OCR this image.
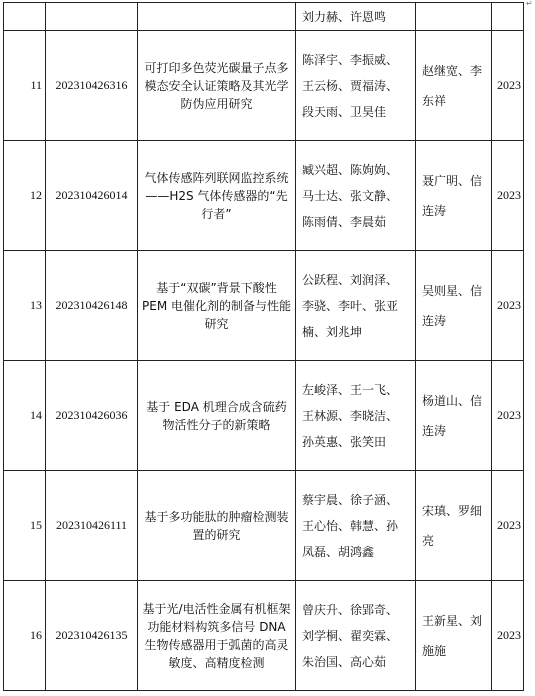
↵

			刘力赫、许恩鸣		

11	202310426316	可打印多色荧光碳量子点多模态安全认证策略及其光学防伪应用研究	陈泽宇、李振威、
王云杨、贾福涛、
段天雨、卫昊佳	赵继宽、李东祥	2023
12	202310426014	气体传感阵列联网监控系统——H2S 气体传感器的“先行者”	臧兴超、陈姁姁、
马士达、张文静、
陈雨倩、李晨茹	聂广明、信连涛	2023
13	202310426148	基于“双碳”背景下酸性 PEM 电催化剂的制备与性能研究	公跃程、刘润泽、
李骁、李叶、张亚
楠、刘兆坤	吴则星、信连涛	2023
14	202310426036	基于 EDA 机理合成含硫药物活性分子的新策略	左峻泽、王一飞、
王林源、李晓洁、
孙英惠、张笑田	杨道山、信连涛	2023
15	202310426111	基于多功能肽的肿瘤检测装置的研究	蔡宇晨、徐子涵、
王心怡、韩慧、孙
凤磊、胡鸿鑫	宋瑱、罗细亮	2023
16	202310426135	基于光/电活性金属有机框架功能材料构筑多信号 DNA 生物传感器用于弧菌的高灵敏度、高精度检测	曾庆升、徐郢奇、
刘学桐、翟奕霖、
朱治国、高心茹	王新星、刘施施	2023
